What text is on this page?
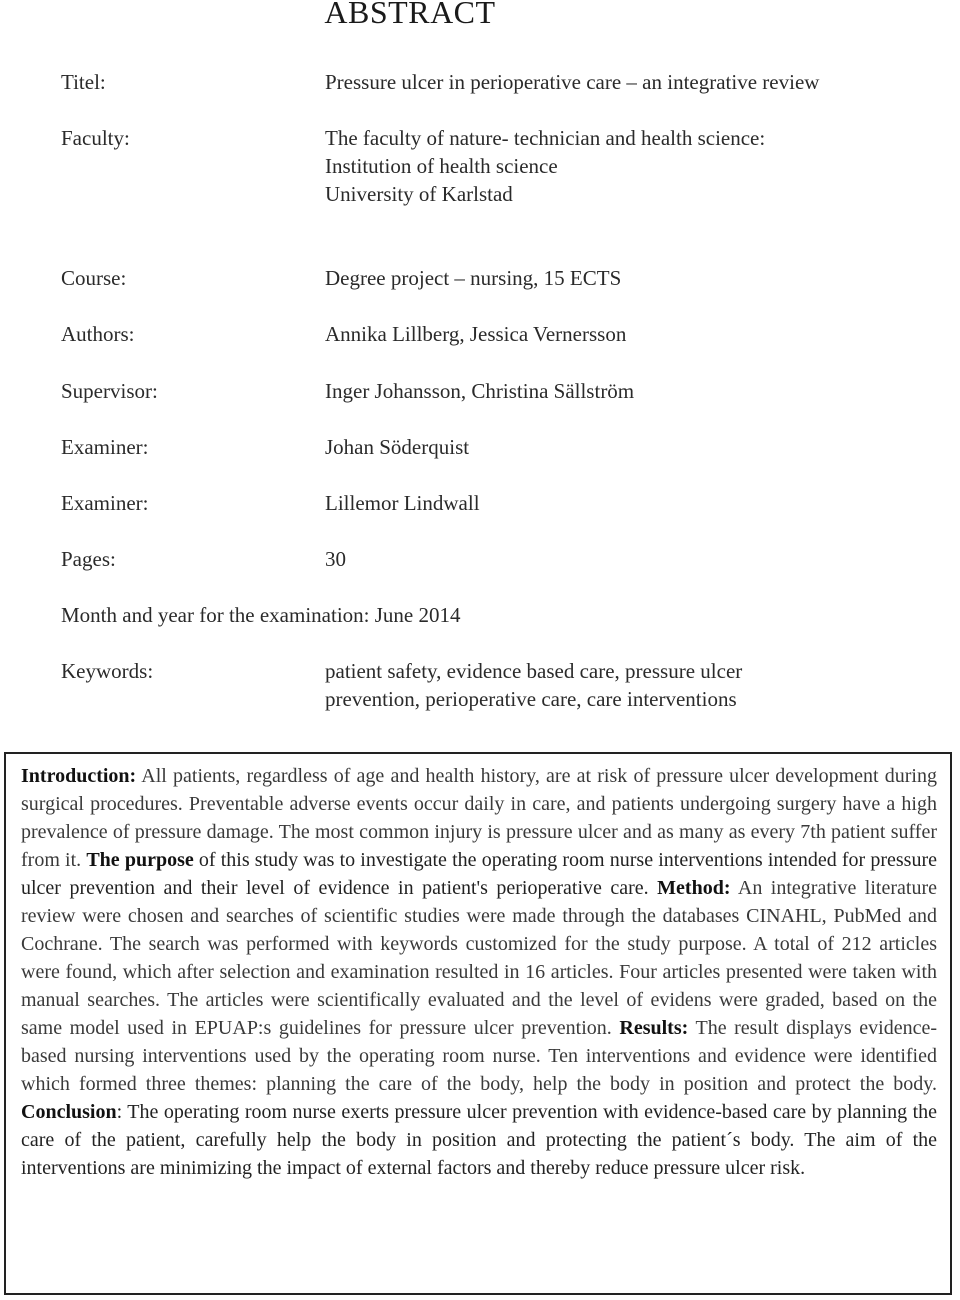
ABSTRACT
Titel:	Pressure ulcer in perioperative care – an integrative review
Faculty:	The faculty of nature- technician and health science:
Institution of health science
University of Karlstad
Course:	Degree project – nursing, 15 ECTS
Authors:	Annika Lillberg, Jessica Vernersson
Supervisor:	Inger Johansson, Christina Sällström
Examiner:	Johan Söderquist
Examiner:	Lillemor Lindwall
Pages:	30
Month and year for the examination: June 2014
Keywords:	patient safety, evidence based care, pressure ulcer
prevention, perioperative care, care interventions
Introduction: All patients, regardless of age and health history, are at risk of pressure ulcer development during surgical procedures. Preventable adverse events occur daily in care, and patients undergoing surgery have a high prevalence of pressure damage. The most common injury is pressure ulcer and as many as every 7th patient suffer from it. The purpose of this study was to investigate the operating room nurse interventions intended for pressure ulcer prevention and their level of evidence in patient's perioperative care. Method: An integrative literature review were chosen and searches of scientific studies were made through the databases CINAHL, PubMed and Cochrane. The search was performed with keywords customized for the study purpose. A total of 212 articles were found, which after selection and examination resulted in 16 articles. Four articles presented were taken with manual searches. The articles were scientifically evaluated and the level of evidens were graded, based on the same model used in EPUAP:s guidelines for pressure ulcer prevention. Results: The result displays evidence-based nursing interventions used by the operating room nurse. Ten interventions and evidence were identified which formed three themes: planning the care of the body, help the body in position and protect the body. Conclusion: The operating room nurse exerts pressure ulcer prevention with evidence-based care by planning the care of the patient, carefully help the body in position and protecting the patient´s body. The aim of the interventions are minimizing the impact of external factors and thereby reduce pressure ulcer risk.
